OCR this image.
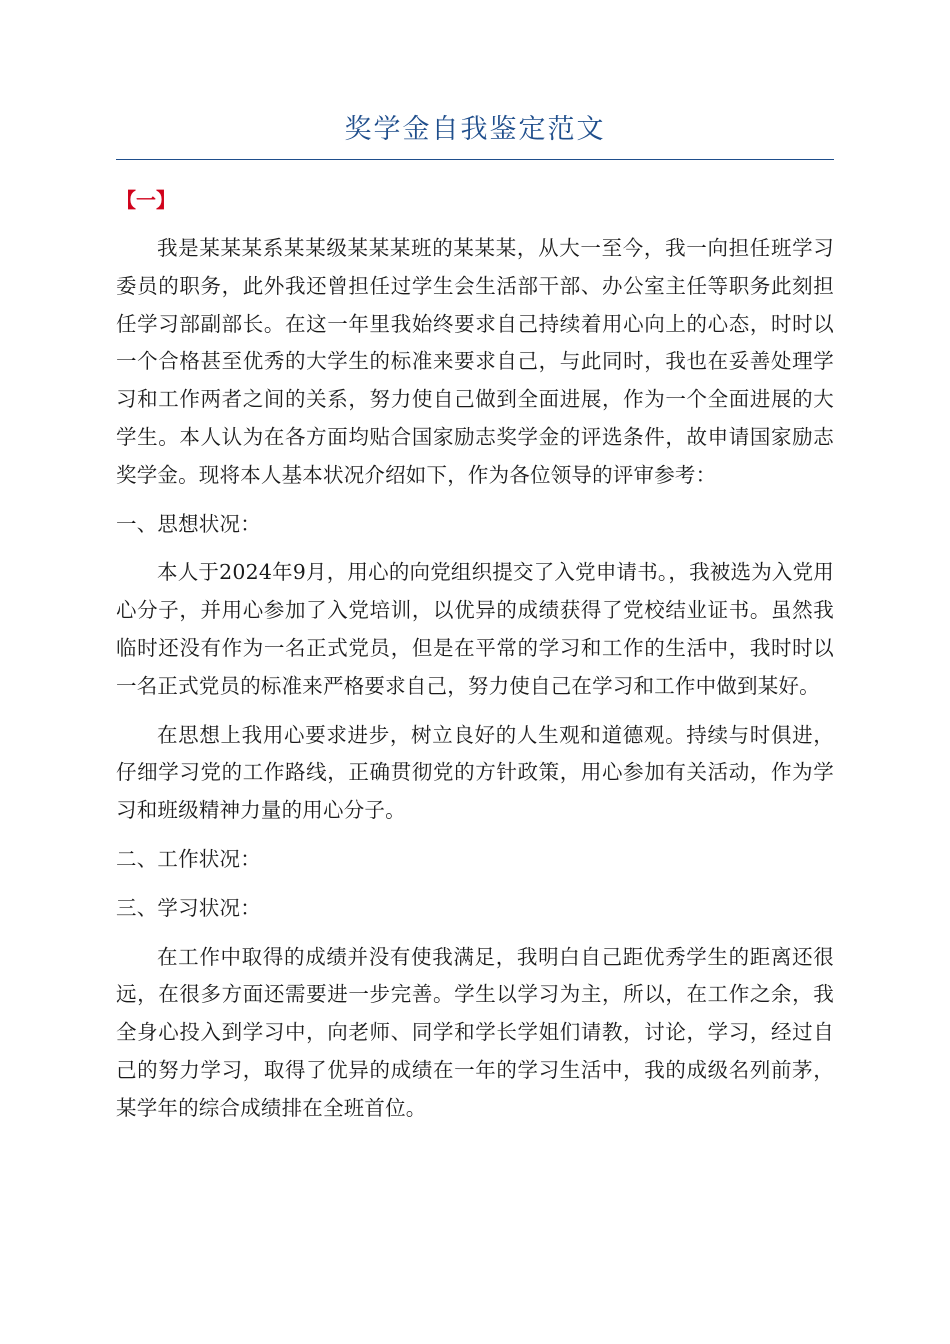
奖学金自我鉴定范文
【一】

我是某某某系某某级某某某班的某某某，从大一至今，我一向担任班学习委员的职务，此外我还曾担任过学生会生活部干部、办公室主任等职务此刻担任学习部副部长。在这一年里我始终要求自己持续着用心向上的心态，时时以一个合格甚至优秀的大学生的标准来要求自己，与此同时，我也在妥善处理学习和工作两者之间的关系，努力使自己做到全面进展，作为一个全面进展的大学生。本人认为在各方面均贴合国家励志奖学金的评选条件，故申请国家励志奖学金。现将本人基本状况介绍如下，作为各位领导的评审参考：

一、思想状况：

本人于2024年9月，用心的向党组织提交了入党申请书。，我被选为入党用心分子，并用心参加了入党培训，以优异的成绩获得了党校结业证书。虽然我临时还没有作为一名正式党员，但是在平常的学习和工作的生活中，我时时以一名正式党员的标准来严格要求自己，努力使自己在学习和工作中做到某好。

在思想上我用心要求进步，树立良好的人生观和道德观。持续与时俱进，仔细学习党的工作路线，正确贯彻党的方针政策，用心参加有关活动，作为学习和班级精神力量的用心分子。

二、工作状况：

三、学习状况：

在工作中取得的成绩并没有使我满足，我明白自己距优秀学生的距离还很远，在很多方面还需要进一步完善。学生以学习为主，所以，在工作之余，我全身心投入到学习中，向老师、同学和学长学姐们请教，讨论，学习，经过自己的努力学习，取得了优异的成绩在一年的学习生活中，我的成级名列前茅，某学年的综合成绩排在全班首位。
